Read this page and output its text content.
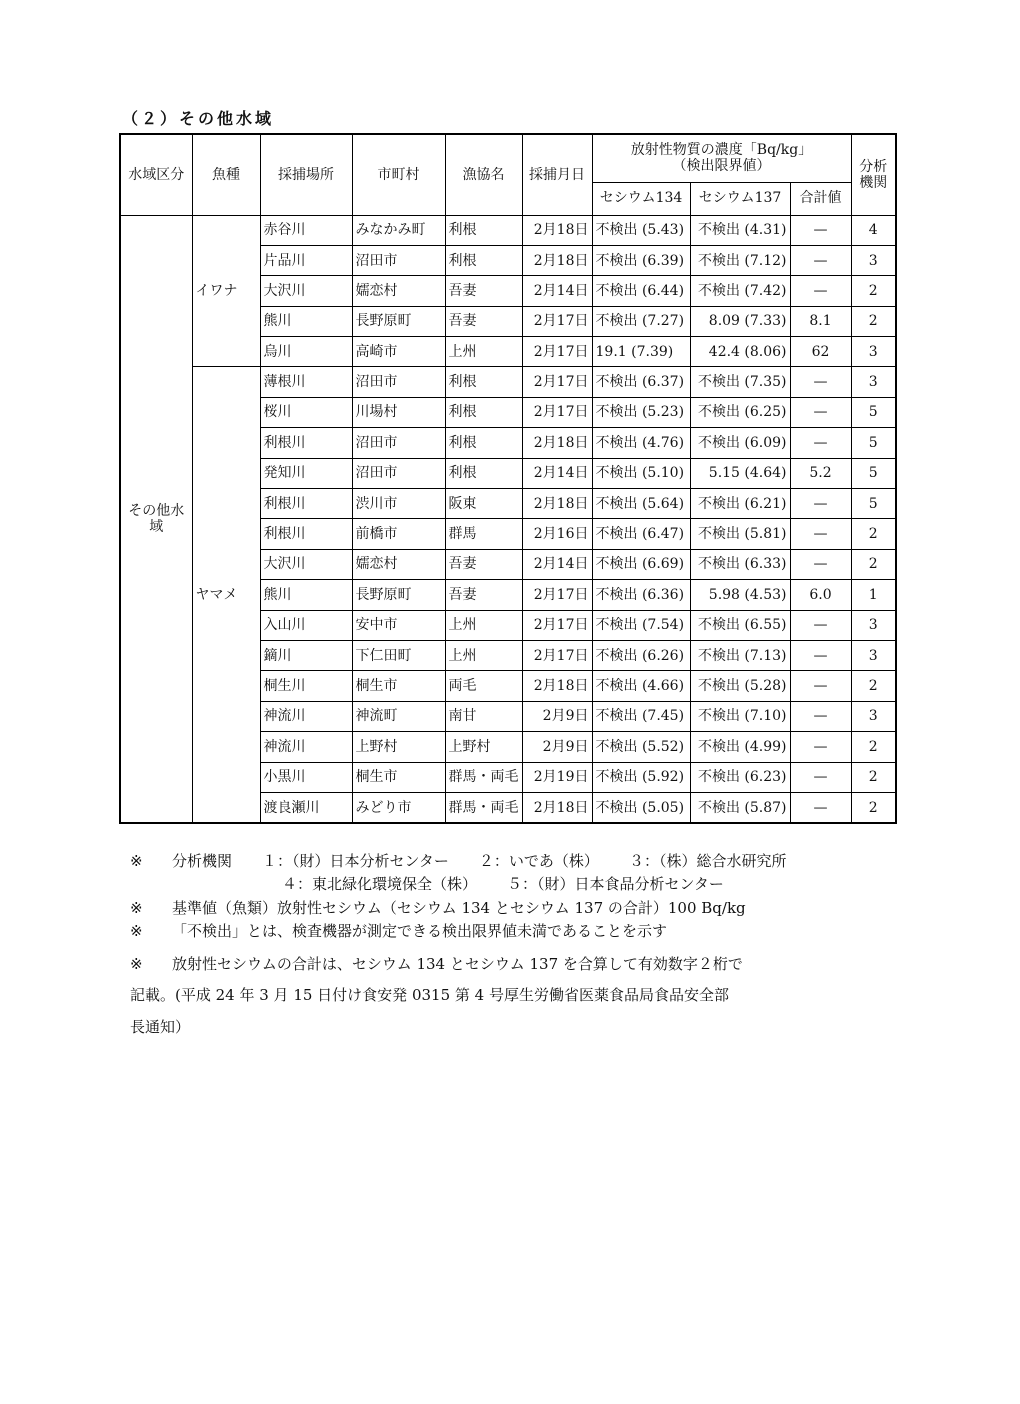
（２）その他水域
水域区分	魚種	採捕場所	市町村	漁協名	採捕月日	放射性物質の濃度「Bq/kg」
（検出限界値）			分析機関
						セシウム134	セシウム137	合計値	
その他水域	イワナ	赤谷川	みなかみ町	利根	2月18日	不検出 (5.43)	不検出 (4.31)	—	4
		片品川	沼田市	利根	2月18日	不検出 (6.39)	不検出 (7.12)	—	3
		大沢川	嬬恋村	吾妻	2月14日	不検出 (6.44)	不検出 (7.42)	—	2
		熊川	長野原町	吾妻	2月17日	不検出 (7.27)	8.09 (7.33)	8.1	2
		烏川	高崎市	上州	2月17日	19.1 (7.39)	42.4 (8.06)	62	3
	ヤマメ	薄根川	沼田市	利根	2月17日	不検出 (6.37)	不検出 (7.35)	—	3
		桜川	川場村	利根	2月17日	不検出 (5.23)	不検出 (6.25)	—	5
		利根川	沼田市	利根	2月18日	不検出 (4.76)	不検出 (6.09)	—	5
		発知川	沼田市	利根	2月14日	不検出 (5.10)	5.15 (4.64)	5.2	5
		利根川	渋川市	阪東	2月18日	不検出 (5.64)	不検出 (6.21)	—	5
		利根川	前橋市	群馬	2月16日	不検出 (6.47)	不検出 (5.81)	—	2
		大沢川	嬬恋村	吾妻	2月14日	不検出 (6.69)	不検出 (6.33)	—	2
		熊川	長野原町	吾妻	2月17日	不検出 (6.36)	5.98 (4.53)	6.0	1
		入山川	安中市	上州	2月17日	不検出 (7.54)	不検出 (6.55)	—	3
		鏑川	下仁田町	上州	2月17日	不検出 (6.26)	不検出 (7.13)	—	3
		桐生川	桐生市	両毛	2月18日	不検出 (4.66)	不検出 (5.28)	—	2
		神流川	神流町	南甘	2月9日	不検出 (7.45)	不検出 (7.10)	—	3
		神流川	上野村	上野村	2月9日	不検出 (5.52)	不検出 (4.99)	—	2
		小黒川	桐生市	群馬・両毛	2月19日	不検出 (5.92)	不検出 (6.23)	—	2
		渡良瀬川	みどり市	群馬・両毛	2月18日	不検出 (5.05)	不検出 (5.87)	—	2
※	分析機関 １：（財）日本分析センター ２：いであ（株） ３：（株）総合水研究所
４：東北緑化環境保全（株） ５：（財）日本食品分析センター
※	基準値（魚類）放射性セシウム（セシウム 134 とセシウム 137 の合計）100 Bq/kg
※	「不検出」とは、検査機器が測定できる検出限界値未満であることを示す
※	放射性セシウムの合計は、セシウム 134 とセシウム 137 を合算して有効数字２桁で
記載。(平成 24 年 3 月 15 日付け食安発 0315 第 4 号厚生労働省医薬食品局食品安全部
長通知）
